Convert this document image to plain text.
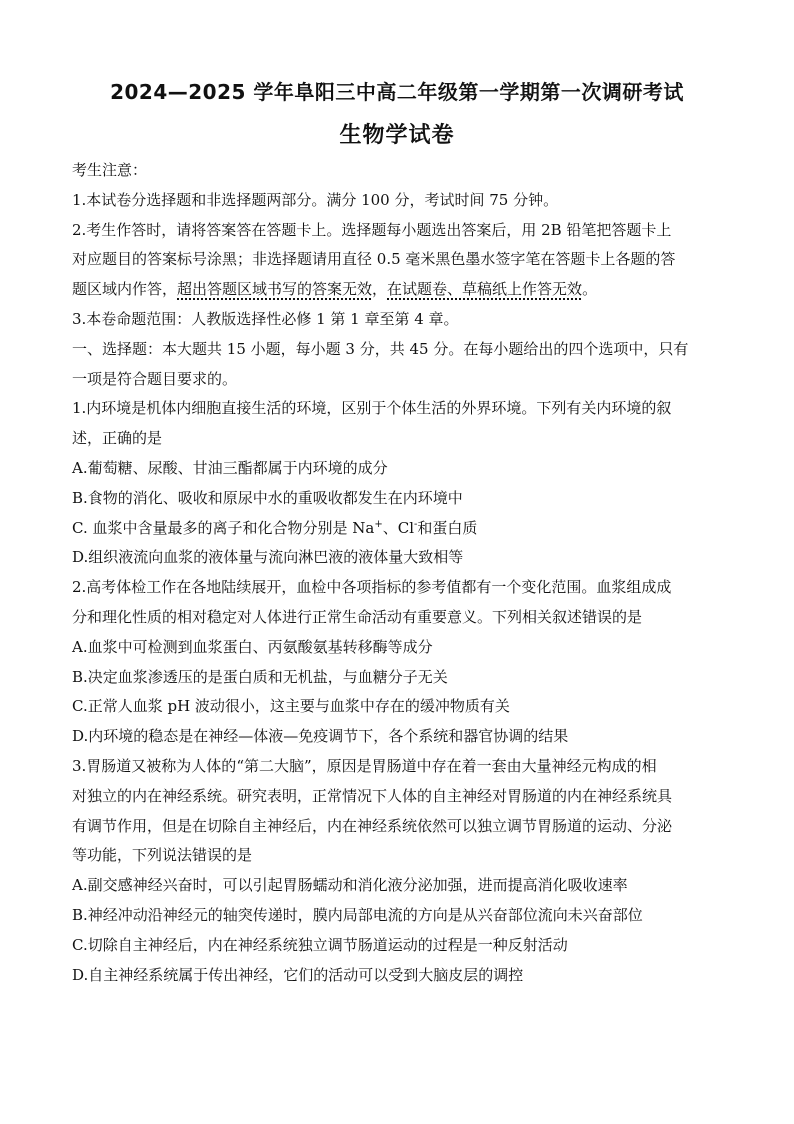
2024—2025 学年阜阳三中高二年级第一学期第一次调研考试
生物学试卷
考生注意：
1.本试卷分选择题和非选择题两部分。满分 100 分，考试时间 75 分钟。
2.考生作答时，请将答案答在答题卡上。选择题每小题选出答案后，用 2B 铅笔把答题卡上
对应题目的答案标号涂黑；非选择题请用直径 0.5 毫米黑色墨水签字笔在答题卡上各题的答
题区域内作答，超出答题区域书写的答案无效，在试题卷、草稿纸上作答无效。
3.本卷命题范围：人教版选择性必修 1 第 1 章至第 4 章。
一、选择题：本大题共 15 小题，每小题 3 分，共 45 分。在每小题给出的四个选项中，只有
一项是符合题目要求的。
1.内环境是机体内细胞直接生活的环境，区别于个体生活的外界环境。下列有关内环境的叙
述，正确的是
A.葡萄糖、尿酸、甘油三酯都属于内环境的成分
B.食物的消化、吸收和原尿中水的重吸收都发生在内环境中
C. 血浆中含量最多的离子和化合物分别是 Na+、Cl-和蛋白质
D.组织液流向血浆的液体量与流向淋巴液的液体量大致相等
2.高考体检工作在各地陆续展开，血检中各项指标的参考值都有一个变化范围。血浆组成成
分和理化性质的相对稳定对人体进行正常生命活动有重要意义。下列相关叙述错误的是
A.血浆中可检测到血浆蛋白、丙氨酸氨基转移酶等成分
B.决定血浆渗透压的是蛋白质和无机盐，与血糖分子无关
C.正常人血浆 pH 波动很小，这主要与血浆中存在的缓冲物质有关
D.内环境的稳态是在神经—体液—免疫调节下，各个系统和器官协调的结果
3.胃肠道又被称为人体的“第二大脑”，原因是胃肠道中存在着一套由大量神经元构成的相
对独立的内在神经系统。研究表明，正常情况下人体的自主神经对胃肠道的内在神经系统具
有调节作用，但是在切除自主神经后，内在神经系统依然可以独立调节胃肠道的运动、分泌
等功能，下列说法错误的是
A.副交感神经兴奋时，可以引起胃肠蠕动和消化液分泌加强，进而提高消化吸收速率
B.神经冲动沿神经元的轴突传递时，膜内局部电流的方向是从兴奋部位流向未兴奋部位
C.切除自主神经后，内在神经系统独立调节肠道运动的过程是一种反射活动
D.自主神经系统属于传出神经，它们的活动可以受到大脑皮层的调控
